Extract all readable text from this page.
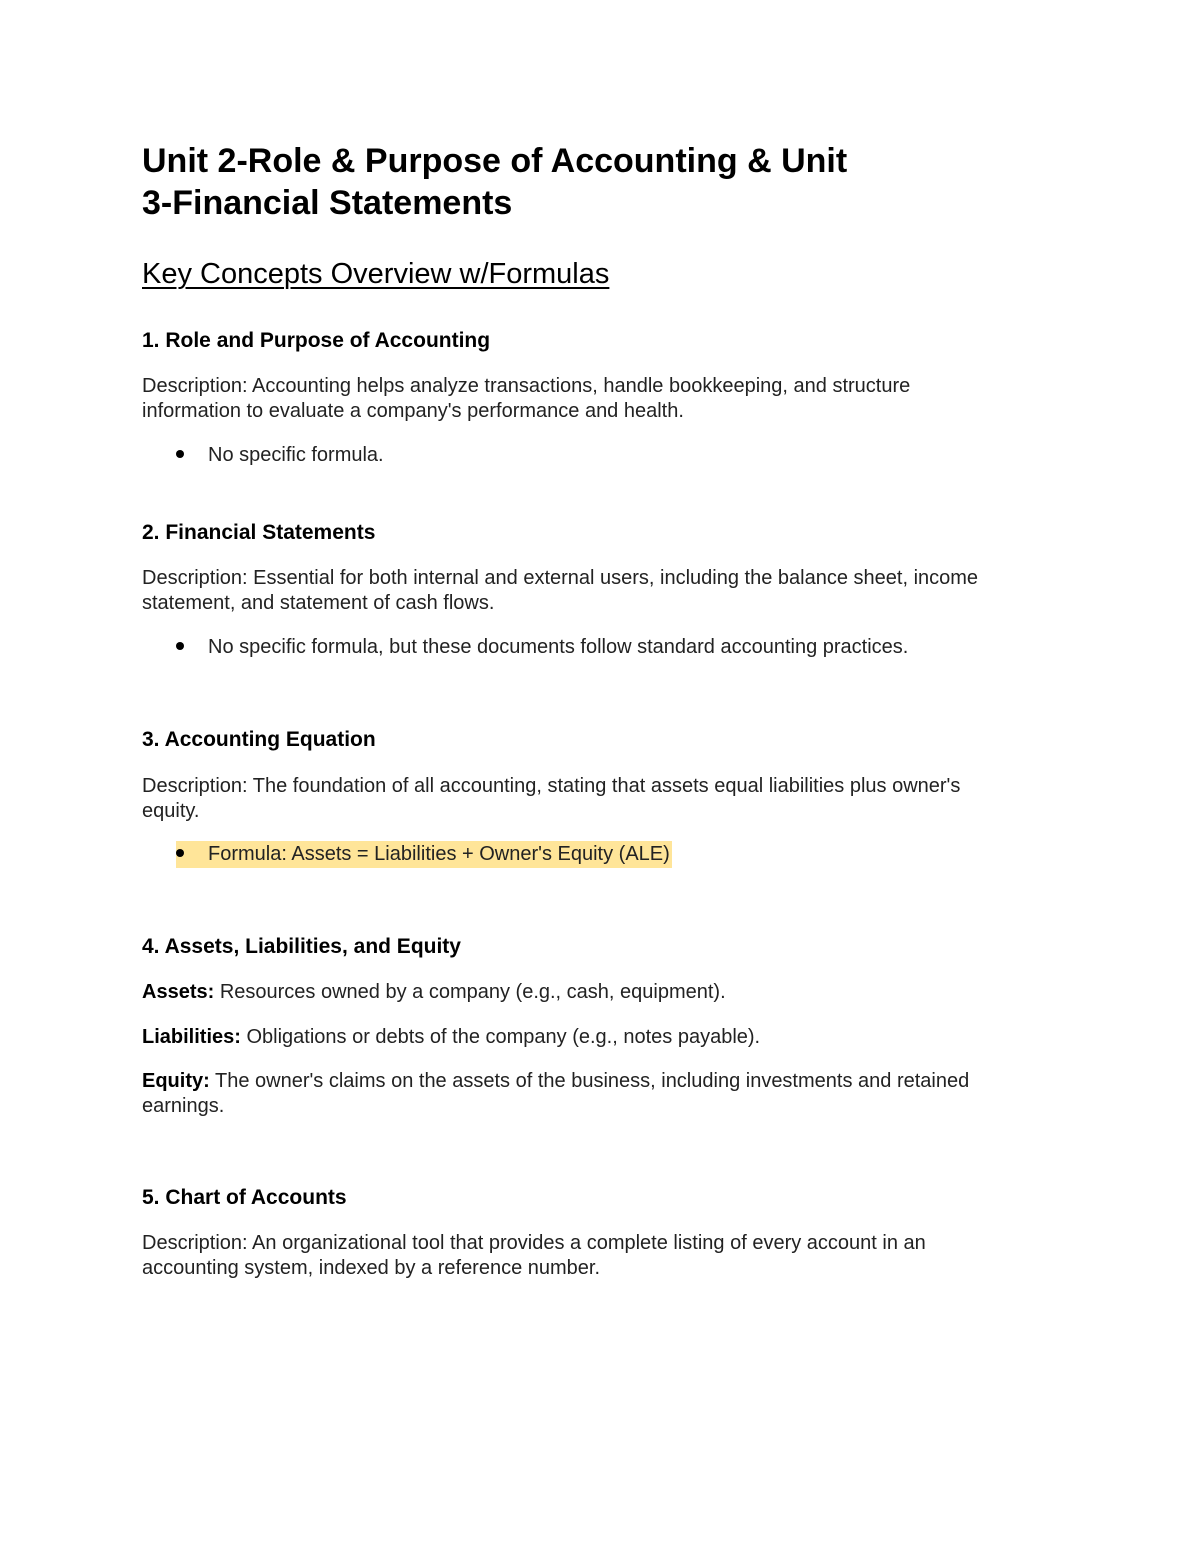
Unit 2-Role & Purpose of Accounting & Unit
3-Financial Statements
Key Concepts Overview w/Formulas
1. Role and Purpose of Accounting
Description: Accounting helps analyze transactions, handle bookkeeping, and structure
information to evaluate a company's performance and health.
No specific formula.
2. Financial Statements
Description: Essential for both internal and external users, including the balance sheet, income
statement, and statement of cash flows.
No specific formula, but these documents follow standard accounting practices.
3. Accounting Equation
Description: The foundation of all accounting, stating that assets equal liabilities plus owner's
equity.
Formula: Assets = Liabilities + Owner's Equity (ALE)
4. Assets, Liabilities, and Equity
Assets: Resources owned by a company (e.g., cash, equipment).
Liabilities: Obligations or debts of the company (e.g., notes payable).
Equity: The owner's claims on the assets of the business, including investments and retained
earnings.
5. Chart of Accounts
Description: An organizational tool that provides a complete listing of every account in an
accounting system, indexed by a reference number.
